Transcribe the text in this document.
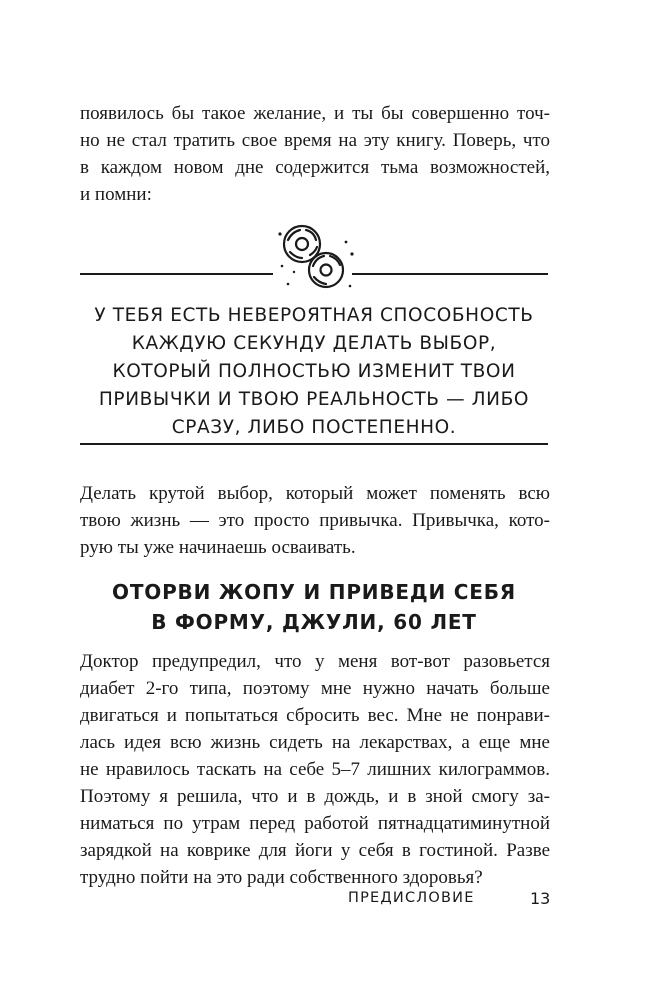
появилось бы такое желание, и ты бы совершенно точ-
но не стал тратить свое время на эту книгу. Поверь, что
в каждом новом дне содержится тьма возможностей,
и помни:
У ТЕБЯ ЕСТЬ НЕВЕРОЯТНАЯ СПОСОБНОСТЬ
КАЖДУЮ СЕКУНДУ ДЕЛАТЬ ВЫБОР,
КОТОРЫЙ ПОЛНОСТЬЮ ИЗМЕНИТ ТВОИ
ПРИВЫЧКИ И ТВОЮ РЕАЛЬНОСТЬ — ЛИБО
СРАЗУ, ЛИБО ПОСТЕПЕННО.
Делать крутой выбор, который может поменять всю
твою жизнь — это просто привычка. Привычка, кото-
рую ты уже начинаешь осваивать.
ОТОРВИ ЖОПУ И ПРИВЕДИ СЕБЯ
В ФОРМУ, ДЖУЛИ, 60 ЛЕТ
Доктор предупредил, что у меня вот-вот разовьется
диабет 2-го типа, поэтому мне нужно начать больше
двигаться и попытаться сбросить вес. Мне не понрави-
лась идея всю жизнь сидеть на лекарствах, а еще мне
не нравилось таскать на себе 5–7 лишних килограммов.
Поэтому я решила, что и в дождь, и в зной смогу за-
ниматься по утрам перед работой пятнадцатиминутной
зарядкой на коврике для йоги у себя в гостиной. Разве
трудно пойти на это ради собственного здоровья?
ПРЕДИСЛОВИЕ	13
